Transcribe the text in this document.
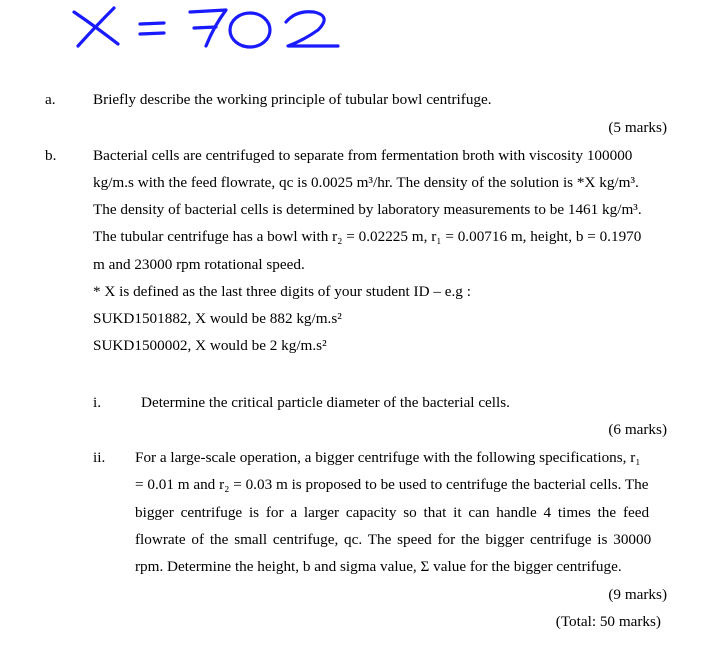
a. Briefly describe the working principle of tubular bowl centrifuge.
(5 marks)
b. Bacterial cells are centrifuged to separate from fermentation broth with viscosity 100000
kg/m.s with the feed flowrate, qc is 0.0025 m³/hr. The density of the solution is *X kg/m³.
The density of bacterial cells is determined by laboratory measurements to be 1461 kg/m³.
The tubular centrifuge has a bowl with r₂ = 0.02225 m, r₁ = 0.00716 m, height, b = 0.1970
m and 23000 rpm rotational speed.
* X is defined as the last three digits of your student ID – e.g :
SUKD1501882, X would be 882 kg/m.s²
SUKD1500002, X would be 2 kg/m.s²
i.	Determine the critical particle diameter of the bacterial cells.
(6 marks)
ii. For a large-scale operation, a bigger centrifuge with the following specifications, r₁
= 0.01 m and r₂ = 0.03 m is proposed to be used to centrifuge the bacterial cells. The
bigger centrifuge is for a larger capacity so that it can handle 4 times the feed
flowrate of the small centrifuge, qc. The speed for the bigger centrifuge is 30000
rpm. Determine the height, b and sigma value, Σ value for the bigger centrifuge.
(9 marks)
(Total: 50 marks)
